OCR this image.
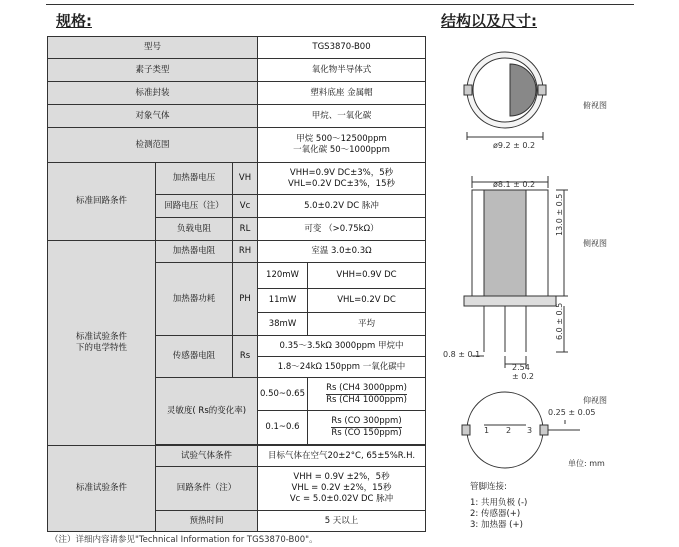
规格:	结构以及尺寸:
型号			TGS3870-B00	
素子类型			氧化物半导体式	
标准封装			塑料底座 金属帽	
对象气体			甲烷、一氧化碳	
检测范围			甲烷 500～12500ppm
一氧化碳 50～1000ppm	

标准回路条件	加热器电压	VH	VHH=0.9V DC±3%，5秒
VHL=0.2V DC±3%，15秒	

	回路电压（注）	Vc	5.0±0.2V DC 脉冲	
	负载电阻	RL	可变 （>0.75kΩ）	

标准试验条件
下的电学特性	加热器电阻	RH	室温 3.0±0.3Ω	
	加热器功耗	PH	120mW	VHH=0.9V DC
			11mW	VHL=0.2V DC
			38mW	平均
	传感器电阻	Rs	0.35～3.5kΩ 3000ppm 甲烷中	
			1.8～24kΩ 150ppm 一氧化碳中	
	灵敏度( Rs的变化率)		0.50~0.65	Rs (CH4 3000ppm)
Rs (CH4 1000ppm)
			0.1~0.6	Rs (CO 300ppm)
Rs (CO 150ppm)

标准试验条件	试验气体条件		目标气体在空气20±2°C, 65±5%R.H.	
	回路条件（注）		VHH = 0.9V ±2%，5秒
VHL = 0.2V ±2%，15秒
Vc = 5.0±0.02V DC 脉冲	

	预热时间		5 天以上	
（注）详细内容请参见"Technical Information for TGS3870-B00"。
俯视图
ø9.2 ± 0.2
ø8.1 ± 0.2
侧视图
13.0 ± 0.5
6.0 ± 0.5
0.8 ± 0.1
2.54
± 0.2
仰视图
0.25 ± 0.05
1 2 3
单位: mm
管脚连接:
1: 共用负极 (-)
2: 传感器(+)
3: 加热器 (+)
